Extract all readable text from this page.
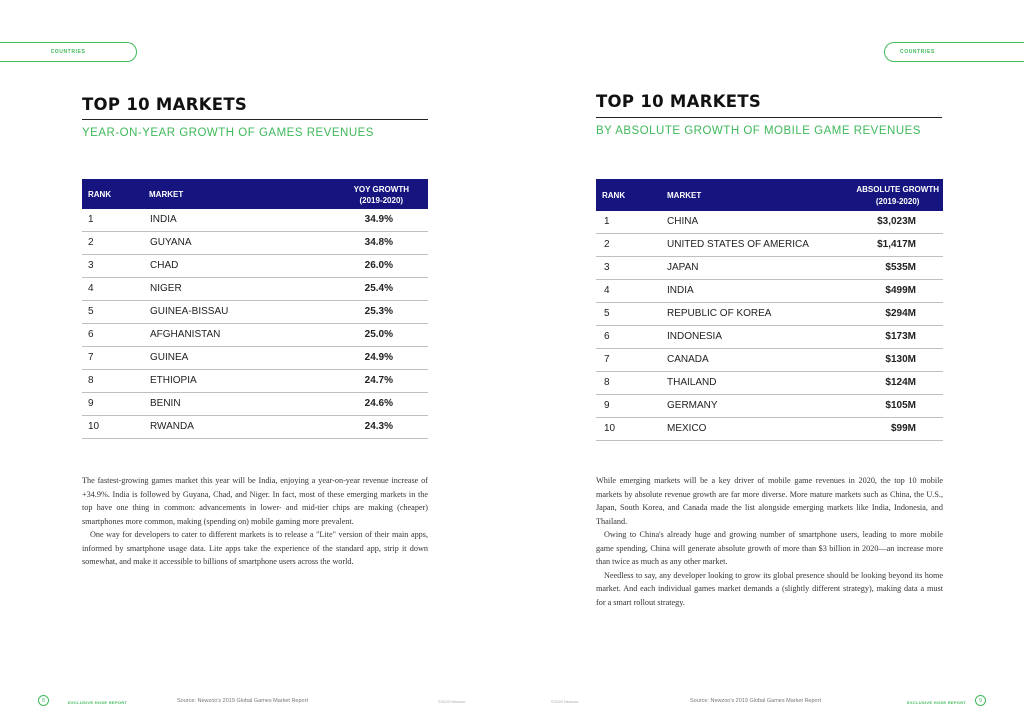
COUNTRIES
TOP 10 MARKETS
YEAR-ON-YEAR GROWTH OF GAMES REVENUES
RANK	MARKET
YOY GROWTH
(2019-2020)
1	INDIA	34.9%
2	GUYANA	34.8%
3	CHAD	26.0%
4	NIGER	25.4%
5	GUINEA-BISSAU	25.3%
6	AFGHANISTAN	25.0%
7	GUINEA	24.9%
8	ETHIOPIA	24.7%
9	BENIN	24.6%
10	RWANDA	24.3%

The fastest-growing games market this year will be India, enjoying a year-on-year revenue increase of +34.9%. India is followed by Guyana, Chad, and Niger. In fact, most of these emerging markets in the top have one thing in common: advancements in lower- and mid-tier chips are making (cheaper) smartphones more common, making (spending on) mobile gaming more prevalent.

One way for developers to cater to different markets is to release a "Lite" version of their main apps, informed by smartphone usage data. Lite apps take the experience of the standard app, strip it down somewhat, and make it accessible to billions of smartphone users across the world.

8	EXCLUSIVE HOSE REPORT	Source: Newzoo's 2019 Global Games Market Report	©2020 Newzoo
COUNTRIES
TOP 10 MARKETS
BY ABSOLUTE GROWTH OF MOBILE GAME REVENUES
RANK	MARKET
ABSOLUTE GROWTH
(2019-2020)
1	CHINA	$3,023M
2	UNITED STATES OF AMERICA	$1,417M
3	JAPAN	$535M
4	INDIA	$499M
5	REPUBLIC OF KOREA	$294M
6	INDONESIA	$173M
7	CANADA	$130M
8	THAILAND	$124M
9	GERMANY	$105M
10	MEXICO	$99M

While emerging markets will be a key driver of mobile game revenues in 2020, the top 10 mobile markets by absolute revenue growth are far more diverse. More mature markets such as China, the U.S., Japan, South Korea, and Canada made the list alongside emerging markets like India, Indonesia, and Thailand.

Owing to China's already huge and growing number of smartphone users, leading to more mobile game spending, China will generate absolute growth of more than $3 billion in 2020—an increase more than twice as much as any other market.

Needless to say, any developer looking to grow its global presence should be looking beyond its home market. And each individual games market demands a (slightly different strategy), making data a must for a smart rollout strategy.

©2020 Newzoo	Source: Newzoo's 2019 Global Games Market Report	EXCLUSIVE HOSE REPORT	9
